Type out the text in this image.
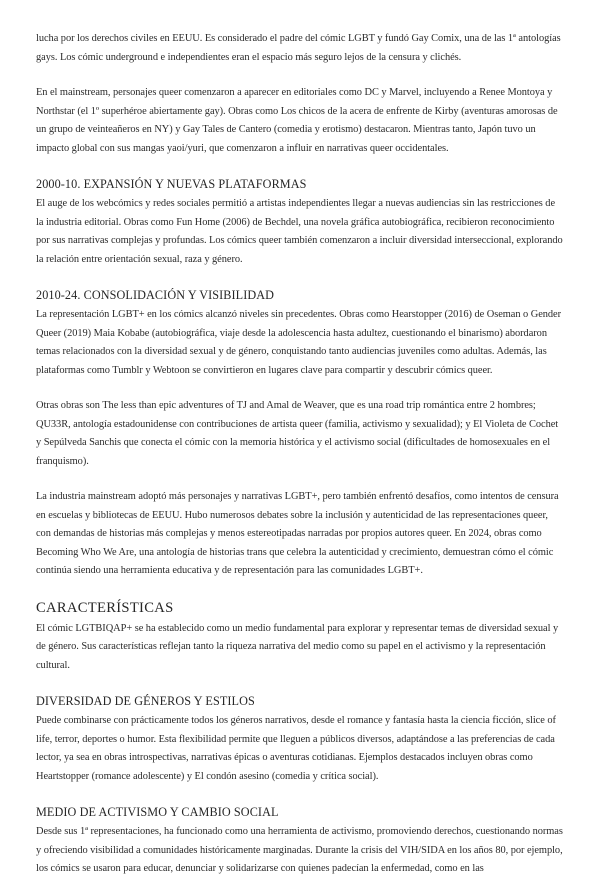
lucha por los derechos civiles en EEUU. Es considerado el padre del cómic LGBT y fundó Gay Comix, una de las 1ª antologías gays. Los cómic underground e independientes eran el espacio más seguro lejos de la censura y clichés.

En el mainstream, personajes queer comenzaron a aparecer en editoriales como DC y Marvel, incluyendo a Renee Montoya y Northstar (el 1º superhéroe abiertamente gay). Obras como Los chicos de la acera de enfrente de Kirby (aventuras amorosas de un grupo de veinteañeros en NY) y Gay Tales de Cantero (comedia y erotismo) destacaron. Mientras tanto, Japón tuvo un impacto global con sus mangas yaoi/yuri, que comenzaron a influir en narrativas queer occidentales.

2000-10. EXPANSIÓN Y NUEVAS PLATAFORMAS

El auge de los webcómics y redes sociales permitió a artistas independientes llegar a nuevas audiencias sin las restricciones de la industria editorial. Obras como Fun Home (2006) de Bechdel, una novela gráfica autobiográfica, recibieron reconocimiento por sus narrativas complejas y profundas. Los cómics queer también comenzaron a incluir diversidad interseccional, explorando la relación entre orientación sexual, raza y género.

2010-24. CONSOLIDACIÓN Y VISIBILIDAD

La representación LGBT+ en los cómics alcanzó niveles sin precedentes. Obras como Hearstopper (2016) de Oseman o Gender Queer (2019) Maia Kobabe (autobiográfica, viaje desde la adolescencia hasta adultez, cuestionando el binarismo) abordaron temas relacionados con la diversidad sexual y de género, conquistando tanto audiencias juveniles como adultas. Además, las plataformas como Tumblr y Webtoon se convirtieron en lugares clave para compartir y descubrir cómics queer.

Otras obras son The less than epic adventures of TJ and Amal de Weaver, que es una road trip romántica entre 2 hombres; QU33R, antología estadounidense con contribuciones de artista queer (familia, activismo y sexualidad); y El Violeta de Cochet y Sepúlveda Sanchis que conecta el cómic con la memoria histórica y el activismo social (dificultades de homosexuales en el franquismo).

La industria mainstream adoptó más personajes y narrativas LGBT+, pero también enfrentó desafíos, como intentos de censura en escuelas y bibliotecas de EEUU. Hubo numerosos debates sobre la inclusión y autenticidad de las representaciones queer, con demandas de historias más complejas y menos estereotipadas narradas por propios autores queer. En 2024, obras como Becoming Who We Are, una antología de historias trans que celebra la autenticidad y crecimiento, demuestran cómo el cómic continúa siendo una herramienta educativa y de representación para las comunidades LGBT+.

CARACTERÍSTICAS

El cómic LGTBIQAP+ se ha establecido como un medio fundamental para explorar y representar temas de diversidad sexual y de género. Sus características reflejan tanto la riqueza narrativa del medio como su papel en el activismo y la representación cultural.

DIVERSIDAD DE GÉNEROS Y ESTILOS

Puede combinarse con prácticamente todos los géneros narrativos, desde el romance y fantasía hasta la ciencia ficción, slice of life, terror, deportes o humor. Esta flexibilidad permite que lleguen a públicos diversos, adaptándose a las preferencias de cada lector, ya sea en obras introspectivas, narrativas épicas o aventuras cotidianas. Ejemplos destacados incluyen obras como Heartstopper (romance adolescente) y El condón asesino (comedia y crítica social).

MEDIO DE ACTIVISMO Y CAMBIO SOCIAL

Desde sus 1ª representaciones, ha funcionado como una herramienta de activismo, promoviendo derechos, cuestionando normas y ofreciendo visibilidad a comunidades históricamente marginadas. Durante la crisis del VIH/SIDA en los años 80, por ejemplo, los cómics se usaron para educar, denunciar y solidarizarse con quienes padecían la enfermedad, como en las
